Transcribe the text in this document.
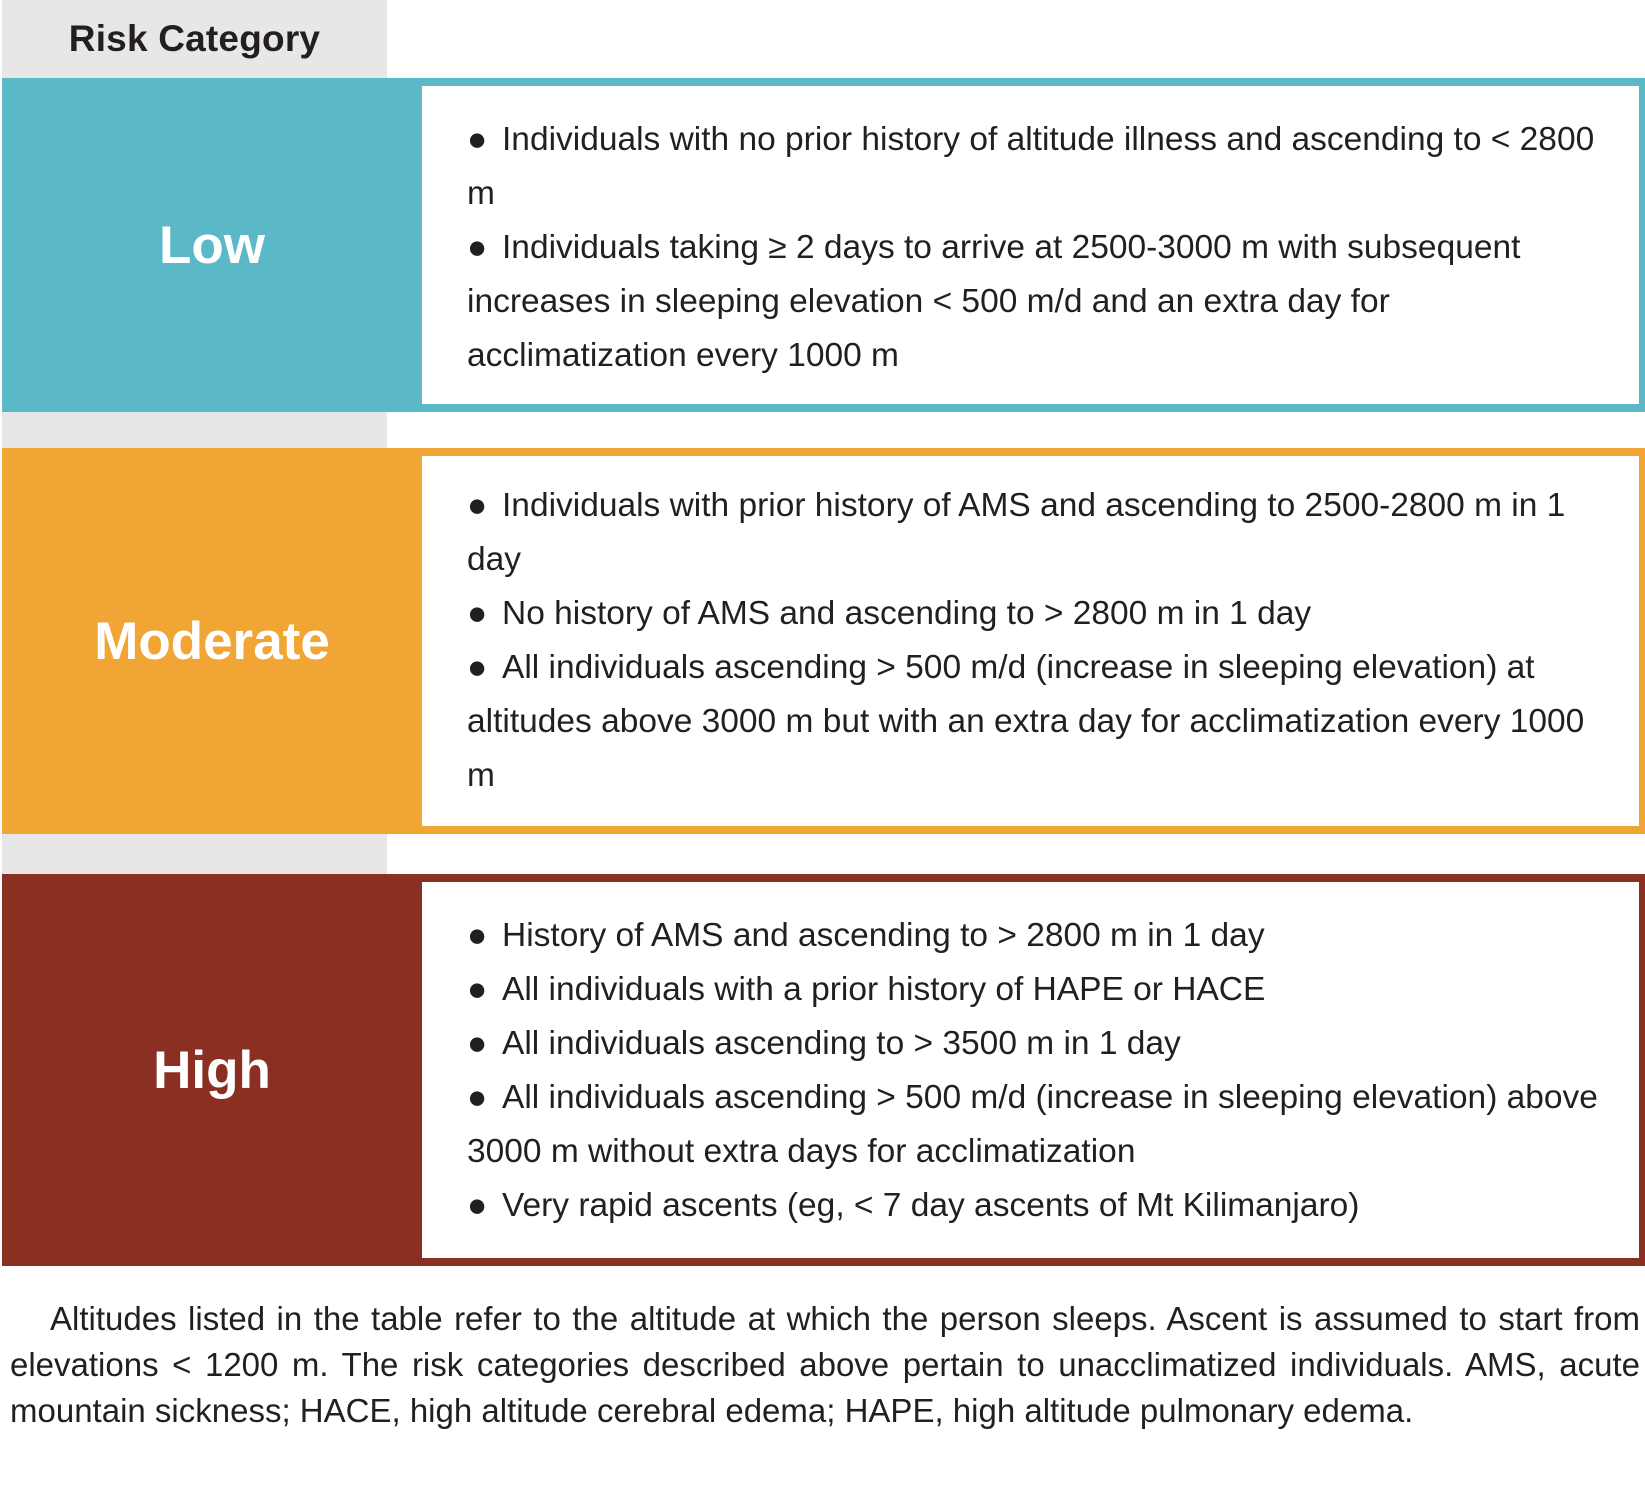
Risk Category
Low

● Individuals with no prior history of altitude illness and ascending to < 2800 m

● Individuals taking ≥ 2 days to arrive at 2500-3000 m with subsequent increases in sleeping elevation < 500 m/d and an extra day for acclimatization every 1000 m

Moderate

● Individuals with prior history of AMS and ascending to 2500-2800 m in 1 day

● No history of AMS and ascending to > 2800 m in 1 day

● All individuals ascending > 500 m/d (increase in sleeping elevation) at altitudes above 3000 m but with an extra day for acclimatization every 1000 m

High

● History of AMS and ascending to > 2800 m in 1 day

● All individuals with a prior history of HAPE or HACE

● All individuals ascending to > 3500 m in 1 day

● All individuals ascending > 500 m/d (increase in sleeping elevation) above 3000 m without extra days for acclimatization

● Very rapid ascents (eg, < 7 day ascents of Mt Kilimanjaro)

Altitudes listed in the table refer to the altitude at which the person sleeps. Ascent is assumed to start from elevations < 1200 m. The risk categories described above pertain to unacclimatized individuals. AMS, acute mountain sickness; HACE, high altitude cerebral edema; HAPE, high altitude pulmonary edema.
